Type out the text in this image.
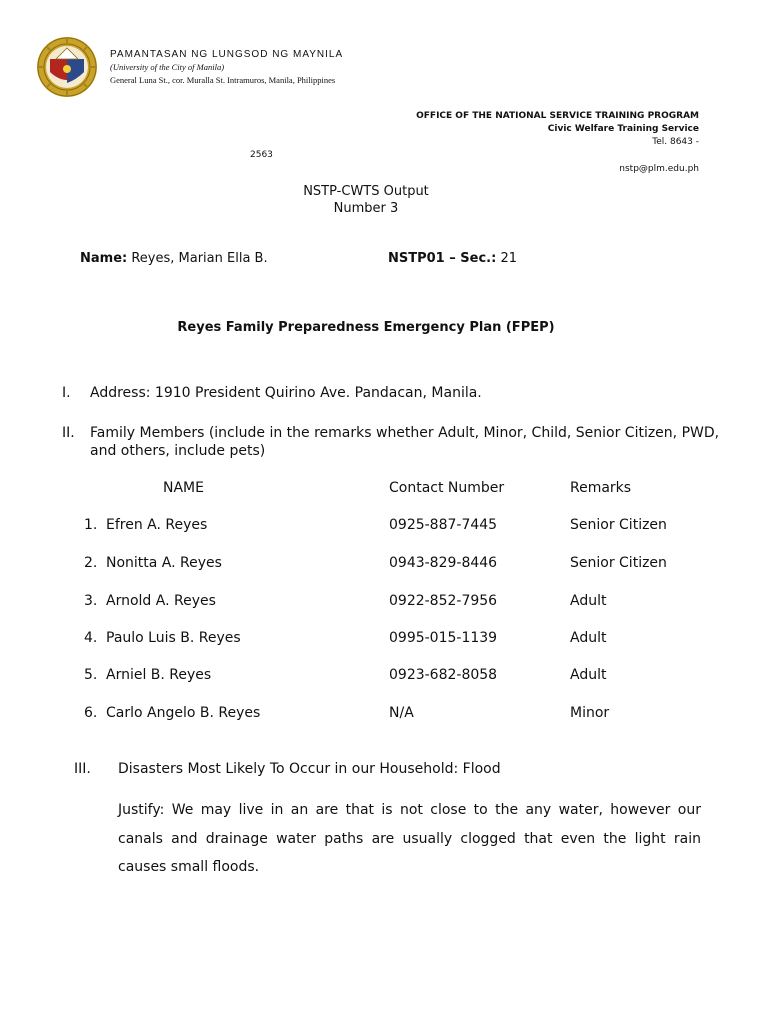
PAMANTASAN NG LUNGSOD NG MAYNILA
(University of the City of Manila)
General Luna St., cor. Muralla St. Intramuros, Manila, Philippines
OFFICE OF THE NATIONAL SERVICE TRAINING PROGRAM
Civic Welfare Training Service
Tel. 8643 -
2563
nstp@plm.edu.ph
NSTP-CWTS Output
Number 3
Name: Reyes, Marian Ella B.	NSTP01 – Sec.: 21
Reyes Family Preparedness Emergency Plan (FPEP)
I. Address: 1910 President Quirino Ave. Pandacan, Manila.
II. Family Members (include in the remarks whether Adult, Minor, Child, Senior Citizen, PWD,
and others, include pets)
NAME	Contact Number	Remarks
1. Efren A. Reyes	0925-887-7445	Senior Citizen
2. Nonitta A. Reyes	0943-829-8446	Senior Citizen
3. Arnold A. Reyes	0922-852-7956	Adult
4. Paulo Luis B. Reyes	0995-015-1139	Adult
5. Arniel B. Reyes	0923-682-8058	Adult
6. Carlo Angelo B. Reyes	N/A	Minor
III. Disasters Most Likely To Occur in our Household: Flood
Justify: We may live in an are that is not close to the any water, however our canals and drainage water paths are usually clogged that even the light rain causes small floods.
